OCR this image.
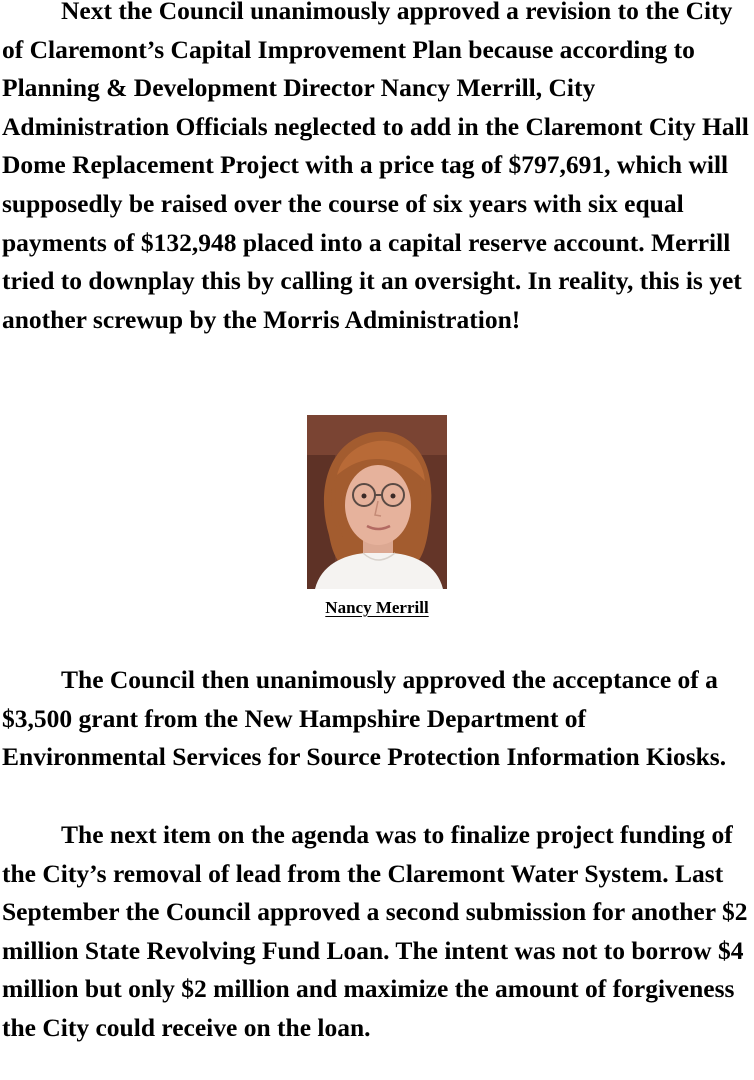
Next the Council unanimously approved a revision to the City of Claremont’s Capital Improvement Plan because according to Planning & Development Director Nancy Merrill, City Administration Officials neglected to add in the Claremont City Hall Dome Replacement Project with a price tag of $797,691, which will supposedly be raised over the course of six years with six equal payments of $132,948 placed into a capital reserve account. Merrill tried to downplay this by calling it an oversight. In reality, this is yet another screwup by the Morris Administration!

Nancy Merrill

The Council then unanimously approved the acceptance of a $3,500 grant from the New Hampshire Department of Environmental Services for Source Protection Information Kiosks.

The next item on the agenda was to finalize project funding of the City’s removal of lead from the Claremont Water System. Last September the Council approved a second submission for another $2 million State Revolving Fund Loan. The intent was not to borrow $4 million but only $2 million and maximize the amount of forgiveness the City could receive on the loan.
